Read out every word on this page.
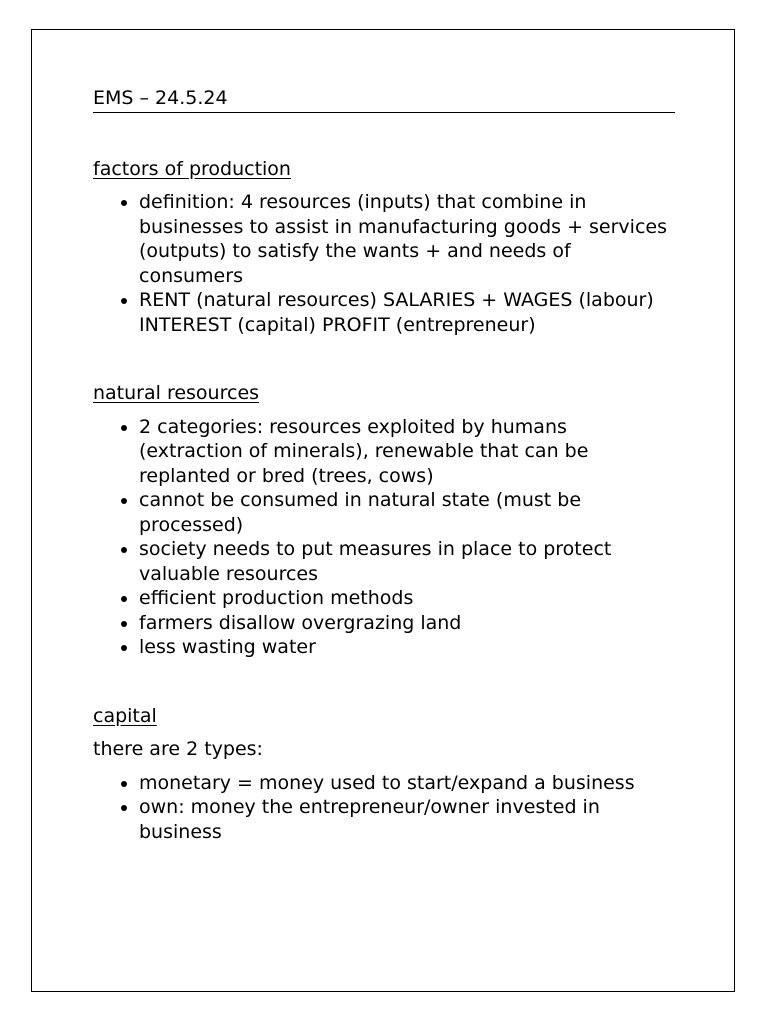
EMS – 24.5.24
factors of production
• definition: 4 resources (inputs) that combine in businesses to assist in manufacturing goods + services (outputs) to satisfy the wants + and needs of consumers
• RENT (natural resources) SALARIES + WAGES (labour) INTEREST (capital) PROFIT (entrepreneur)
natural resources
• 2 categories: resources exploited by humans (extraction of minerals), renewable that can be replanted or bred (trees, cows)
• cannot be consumed in natural state (must be processed)
• society needs to put measures in place to protect valuable resources
• efficient production methods
• farmers disallow overgrazing land
• less wasting water
capital

there are 2 types:

• monetary = money used to start/expand a business
• own: money the entrepreneur/owner invested in business
